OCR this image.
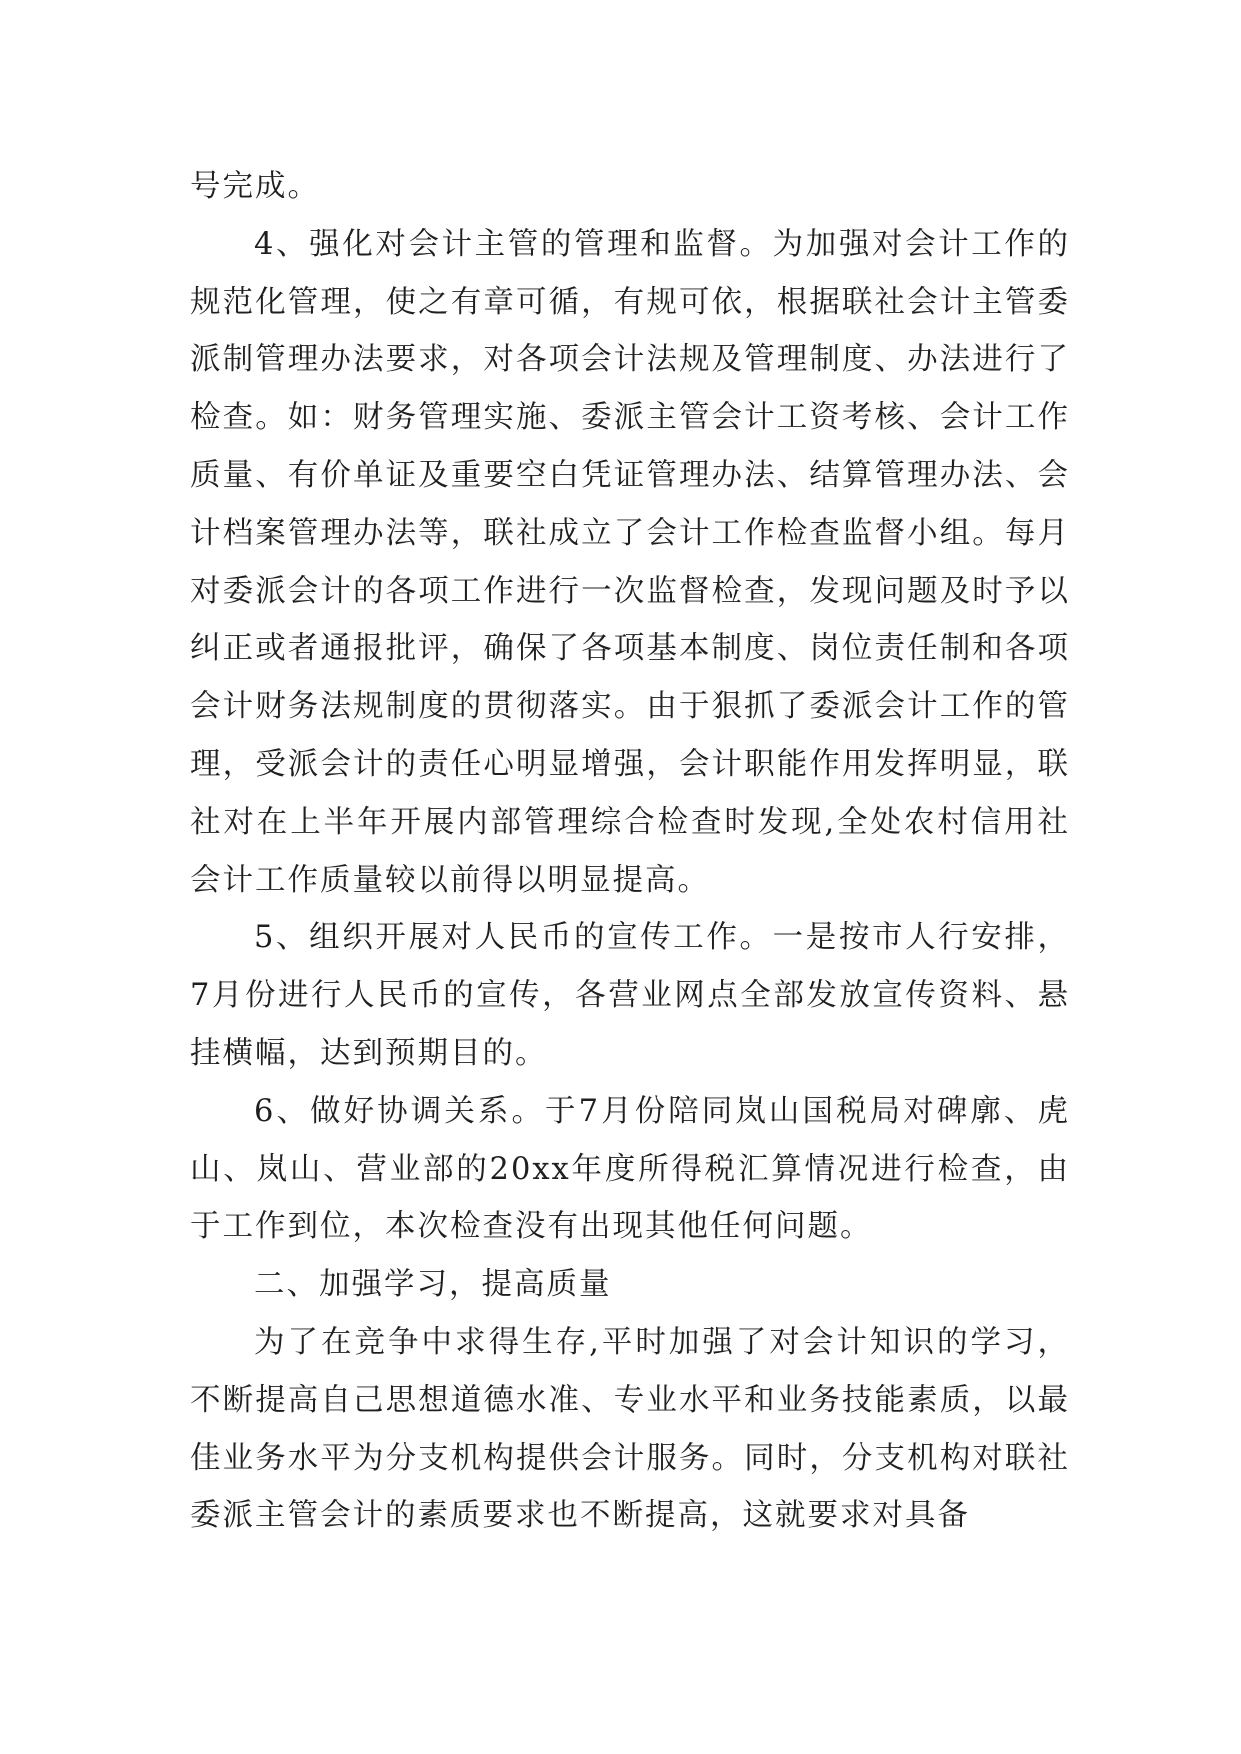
号完成。

4、强化对会计主管的管理和监督。为加强对会计工作的规范化管理，使之有章可循，有规可依，根据联社会计主管委派制管理办法要求，对各项会计法规及管理制度、办法进行了检查。如：财务管理实施、委派主管会计工资考核、会计工作质量、有价单证及重要空白凭证管理办法、结算管理办法、会计档案管理办法等，联社成立了会计工作检查监督小组。每月对委派会计的各项工作进行一次监督检查，发现问题及时予以纠正或者通报批评，确保了各项基本制度、岗位责任制和各项会计财务法规制度的贯彻落实。由于狠抓了委派会计工作的管理，受派会计的责任心明显增强，会计职能作用发挥明显，联社对在上半年开展内部管理综合检查时发现,全处农村信用社会计工作质量较以前得以明显提高。

5、组织开展对人民币的宣传工作。一是按市人行安排，7月份进行人民币的宣传，各营业网点全部发放宣传资料、悬挂横幅，达到预期目的。

6、做好协调关系。于7月份陪同岚山国税局对碑廓、虎山、岚山、营业部的20xx年度所得税汇算情况进行检查，由于工作到位，本次检查没有出现其他任何问题。

二、加强学习，提高质量

为了在竞争中求得生存,平时加强了对会计知识的学习，不断提高自己思想道德水准、专业水平和业务技能素质，以最佳业务水平为分支机构提供会计服务。同时，分支机构对联社委派主管会计的素质要求也不断提高，这就要求对具备
